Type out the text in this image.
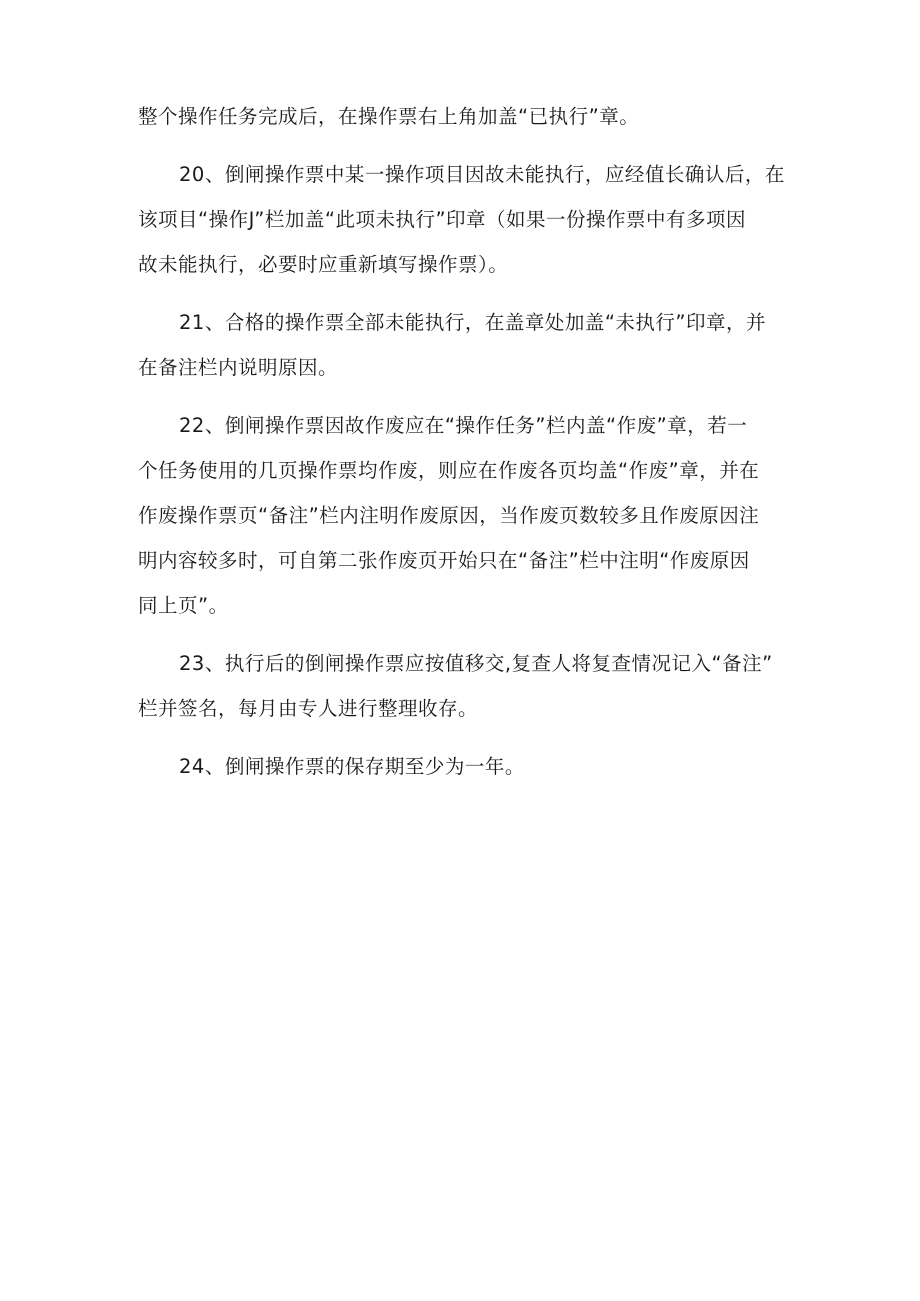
整个操作任务完成后，在操作票右上角加盖“已执行”章。

20、倒闸操作票中某一操作项目因故未能执行，应经值长确认后，在
该项目“操作J”栏加盖“此项未执行”印章（如果一份操作票中有多项因
故未能执行，必要时应重新填写操作票）。

21、合格的操作票全部未能执行，在盖章处加盖“未执行”印章，并
在备注栏内说明原因。

22、倒闸操作票因故作废应在“操作任务”栏内盖“作废”章，若一
个任务使用的几页操作票均作废，则应在作废各页均盖“作废”章，并在
作废操作票页“备注”栏内注明作废原因，当作废页数较多且作废原因注
明内容较多时，可自第二张作废页开始只在“备注”栏中注明“作废原因
同上页”。

23、执行后的倒闸操作票应按值移交,复查人将复查情况记入“备注”
栏并签名，每月由专人进行整理收存。

24、倒闸操作票的保存期至少为一年。
